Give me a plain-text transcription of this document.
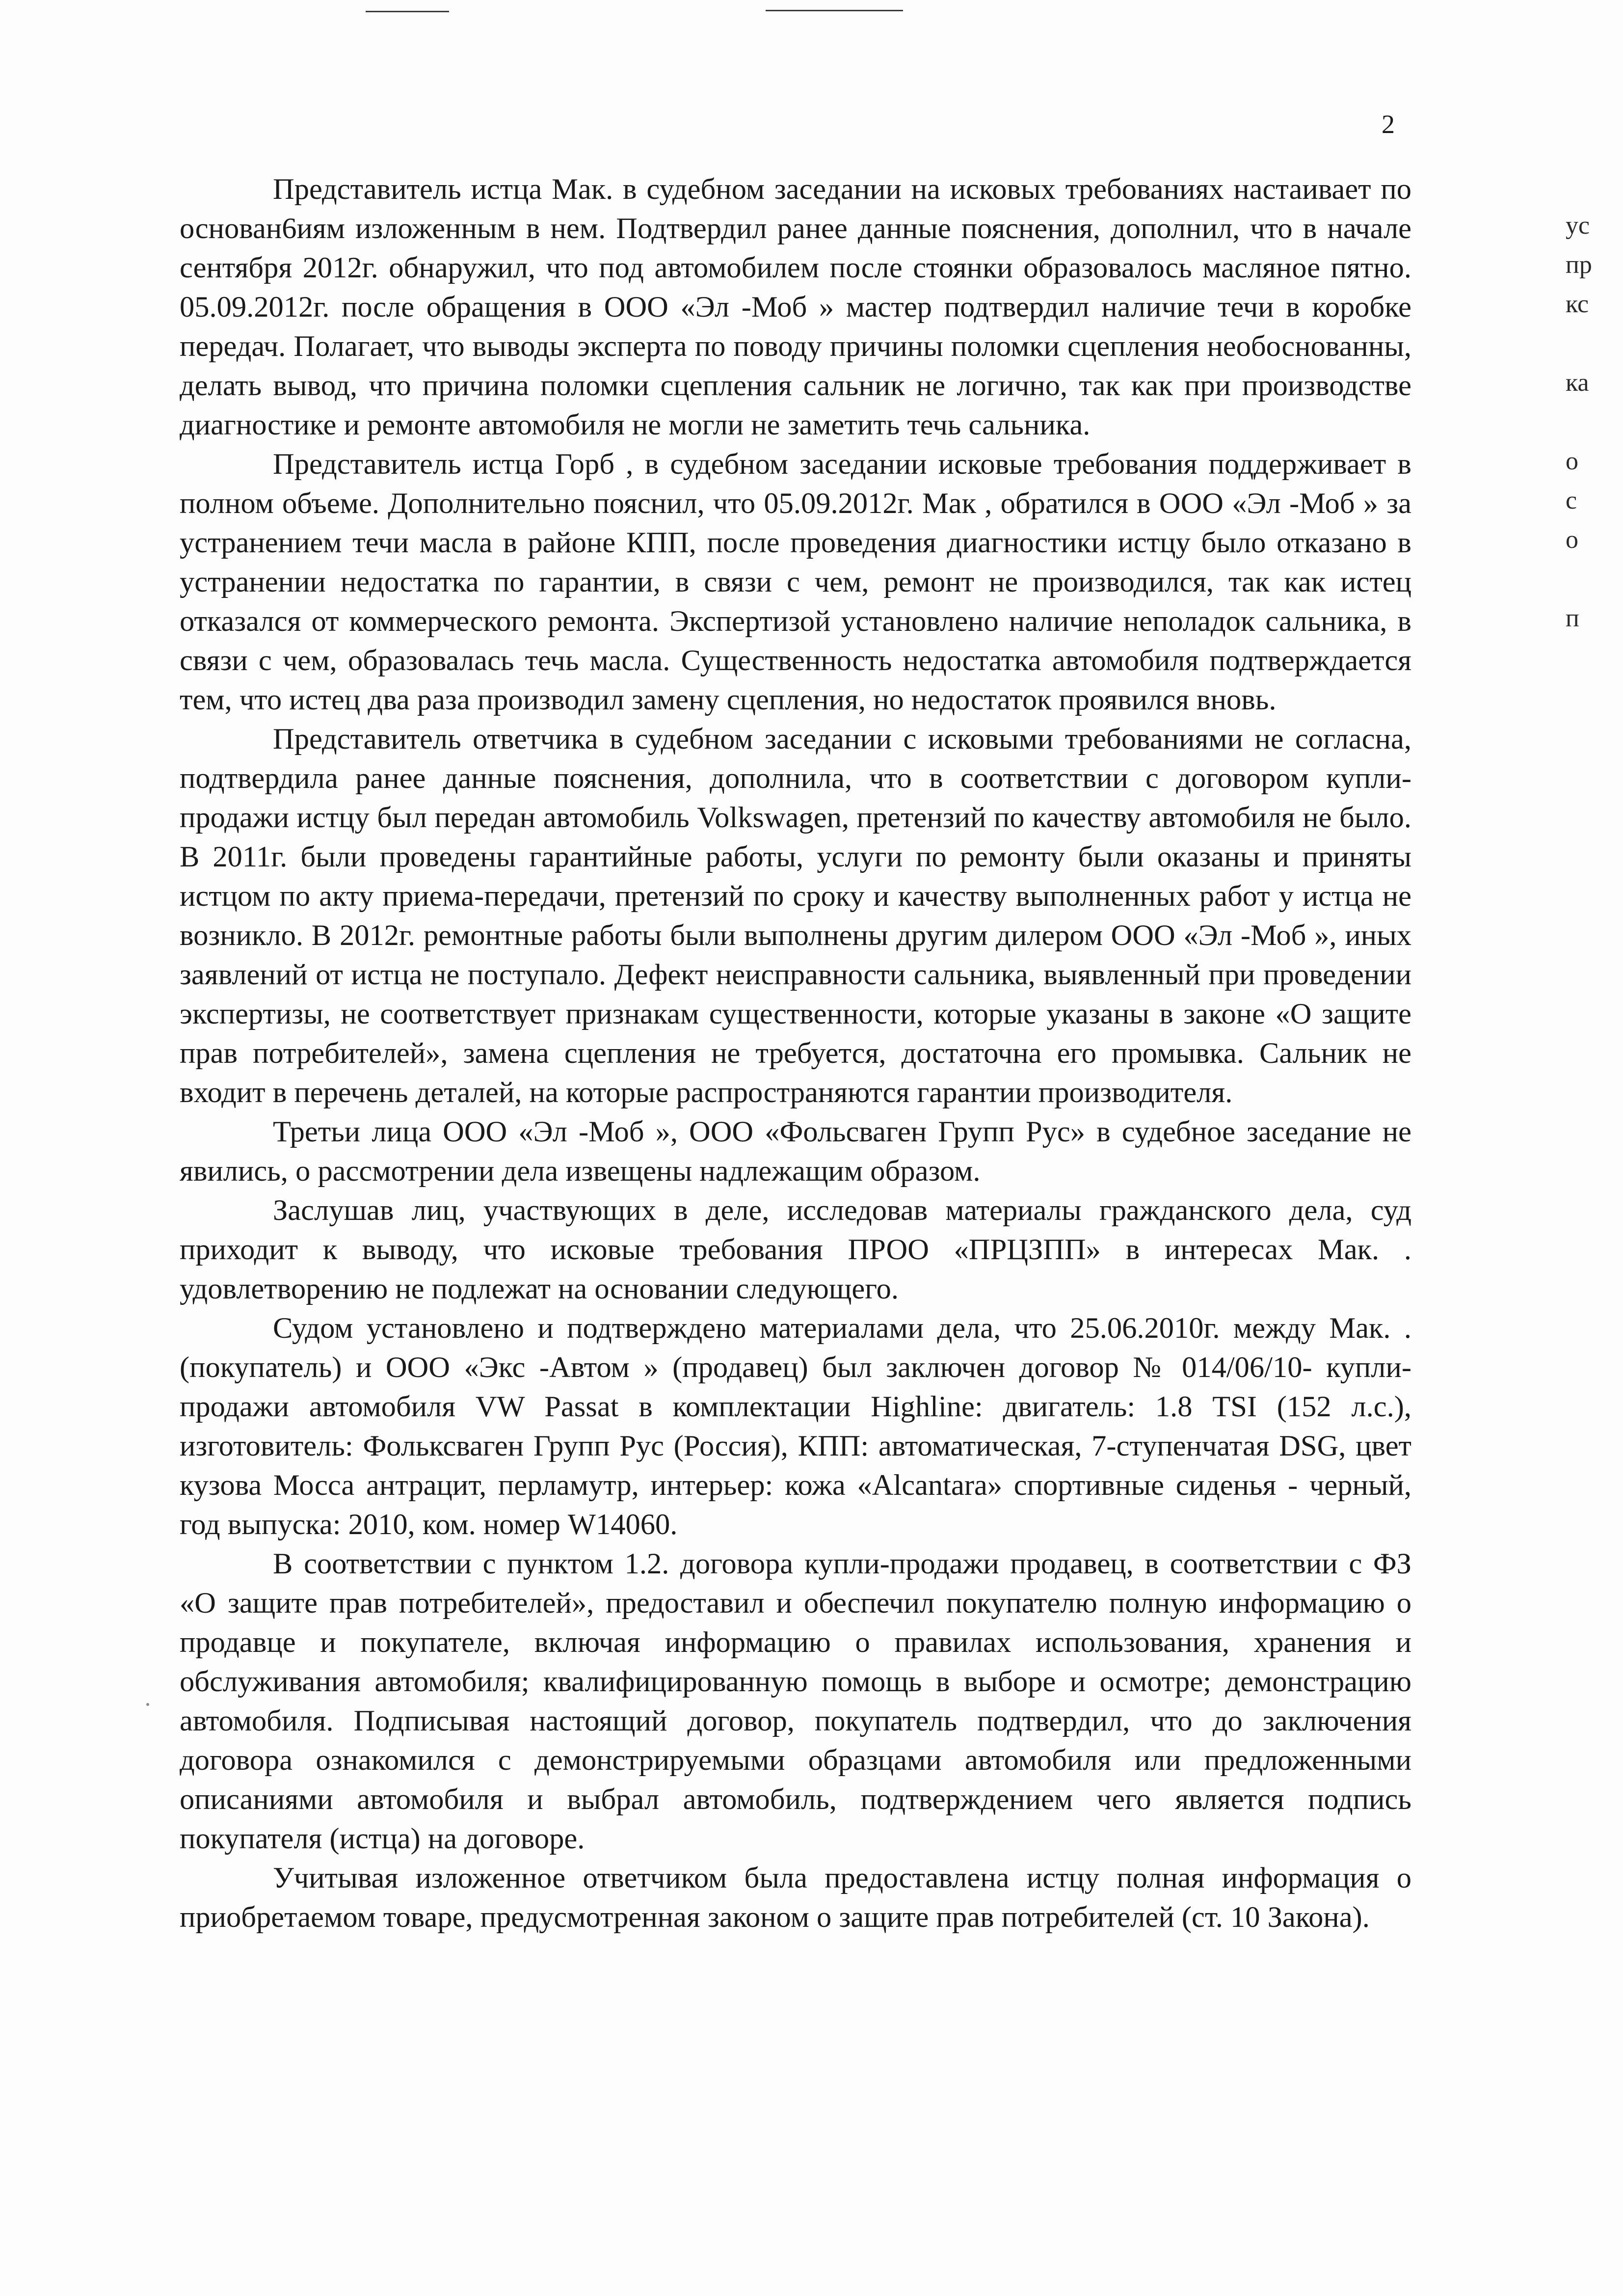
2

Представитель истца Мак. в судебном заседании на исковых требованиях настаивает по основан6иям изложенным в нем. Подтвердил ранее данные пояснения, дополнил, что в начале сентября 2012г. обнаружил, что под автомобилем после стоянки образовалось масляное пятно. 05.09.2012г. после обращения в ООО «Эл -Моб » мастер подтвердил наличие течи в коробке передач. Полагает, что выводы эксперта по поводу причины поломки сцепления необоснованны, делать вывод, что причина поломки сцепления сальник не логично, так как при производстве диагностике и ремонте автомобиля не могли не заметить течь сальника.

Представитель истца Горб , в судебном заседании исковые требования поддерживает в полном объеме. Дополнительно пояснил, что 05.09.2012г. Мак , обратился в ООО «Эл -Моб » за устранением течи масла в районе КПП, после проведения диагностики истцу было отказано в устранении недостатка по гарантии, в связи с чем, ремонт не производился, так как истец отказался от коммерческого ремонта. Экспертизой установлено наличие неполадок сальника, в связи с чем, образовалась течь масла. Существенность недостатка автомобиля подтверждается тем, что истец два раза производил замену сцепления, но недостаток проявился вновь.

Представитель ответчика в судебном заседании с исковыми требованиями не согласна, подтвердила ранее данные пояснения, дополнила, что в соответствии с договором купли-продажи истцу был передан автомобиль Volkswagen, претензий по качеству автомобиля не было. В 2011г. были проведены гарантийные работы, услуги по ремонту были оказаны и приняты истцом по акту приема-передачи, претензий по сроку и качеству выполненных работ у истца не возникло. В 2012г. ремонтные работы были выполнены другим дилером ООО «Эл -Моб », иных заявлений от истца не поступало. Дефект неисправности сальника, выявленный при проведении экспертизы, не соответствует признакам существенности, которые указаны в законе «О защите прав потребителей», замена сцепления не требуется, достаточна его промывка. Сальник не входит в перечень деталей, на которые распространяются гарантии производителя.

Третьи лица ООО «Эл -Моб », ООО «Фольсваген Групп Рус» в судебное заседание не явились, о рассмотрении дела извещены надлежащим образом.

Заслушав лиц, участвующих в деле, исследовав материалы гражданского дела, суд приходит к выводу, что исковые требования ПРОО «ПРЦЗПП» в интересах Мак. . удовлетворению не подлежат на основании следующего.

Судом установлено и подтверждено материалами дела, что 25.06.2010г. между Мак. . (покупатель) и ООО «Экс -Автом » (продавец) был заключен договор № 014/06/10- купли-продажи автомобиля VW Passat в комплектации Highline: двигатель: 1.8 TSI (152 л.с.), изготовитель: Фольксваген Групп Рус (Россия), КПП: автоматическая, 7-ступенчатая DSG, цвет кузова Мосса антрацит, перламутр, интерьер: кожа «Alcantara» спортивные сиденья - черный, год выпуска: 2010, ком. номер W14060.

В соответствии с пунктом 1.2. договора купли-продажи продавец, в соответствии с ФЗ «О защите прав потребителей», предоставил и обеспечил покупателю полную информацию о продавце и покупателе, включая информацию о правилах использования, хранения и обслуживания автомобиля; квалифицированную помощь в выборе и осмотре; демонстрацию автомобиля. Подписывая настоящий договор, покупатель подтвердил, что до заключения договора ознакомился с демонстрируемыми образцами автомобиля или предложенными описаниями автомобиля и выбрал автомобиль, подтверждением чего является подпись покупателя (истца) на договоре.

Учитывая изложенное ответчиком была предоставлена истцу полная информация о приобретаемом товаре, предусмотренная законом о защите прав потребителей (ст. 10 Закона).

ус
пр
кс
ка
о
с
о
п
